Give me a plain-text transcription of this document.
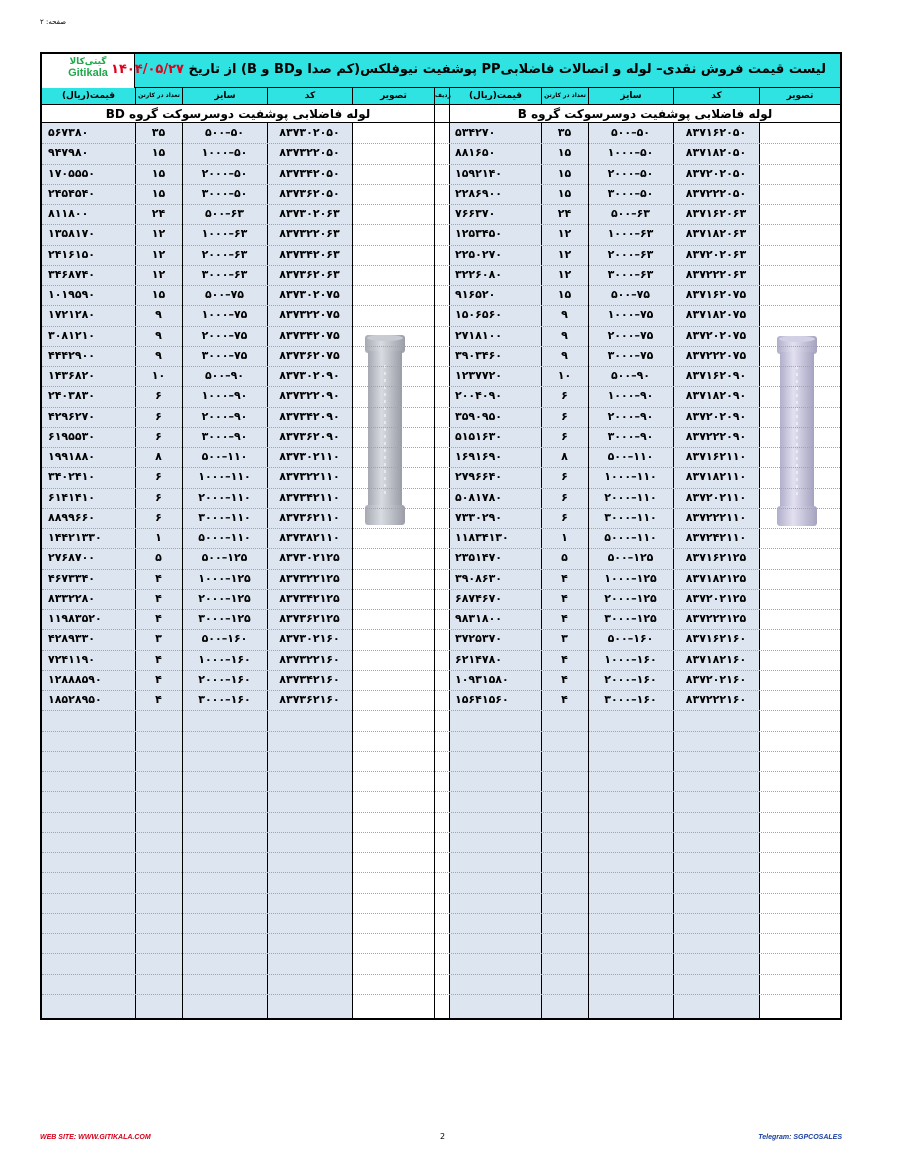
صفحه: ۲
گیتی‌کالا
Gitikala	لیست قیمت فروش نقدی– لوله و اتصالات فاضلابیPP پوشفیت نیوفلکس(کم صدا وBD و B) از تاریخ ۱۴۰۴/۰۵/۲۷
قیمت(ریال)	تعداد در کارتن	سایز	کد	تصویر	ردیف	قیمت(ریال)	تعداد در کارتن	سایز	کد	تصویر
لوله فاضلابی پوشفیت دوسرسوکت گروه BD	لوله فاضلابی پوشفیت دوسرسوکت گروه B
۵۶۷۳۸۰	۳۵	۵۰۰–۵۰	۸۳۷۳۰۲۰۵۰
۹۴۷۹۸۰	۱۵	۱۰۰۰–۵۰	۸۳۷۳۲۲۰۵۰
۱۷۰۵۵۵۰	۱۵	۲۰۰۰–۵۰	۸۳۷۳۴۲۰۵۰
۲۴۵۴۵۴۰	۱۵	۳۰۰۰–۵۰	۸۳۷۳۶۲۰۵۰
۸۱۱۸۰۰	۲۴	۵۰۰–۶۳	۸۳۷۳۰۲۰۶۳
۱۳۵۸۱۷۰	۱۲	۱۰۰۰–۶۳	۸۳۷۳۲۲۰۶۳
۲۴۱۶۱۵۰	۱۲	۲۰۰۰–۶۳	۸۳۷۳۴۲۰۶۳
۳۴۶۸۷۴۰	۱۲	۳۰۰۰–۶۳	۸۳۷۳۶۲۰۶۳
۱۰۱۹۵۹۰	۱۵	۵۰۰–۷۵	۸۳۷۳۰۲۰۷۵
۱۷۲۱۲۸۰	۹	۱۰۰۰–۷۵	۸۳۷۳۲۲۰۷۵
۳۰۸۱۲۱۰	۹	۲۰۰۰–۷۵	۸۳۷۳۴۲۰۷۵
۴۴۴۲۹۰۰	۹	۳۰۰۰–۷۵	۸۳۷۳۶۲۰۷۵
۱۴۳۶۸۲۰	۱۰	۵۰۰–۹۰	۸۳۷۳۰۲۰۹۰
۲۴۰۳۸۳۰	۶	۱۰۰۰–۹۰	۸۳۷۳۲۲۰۹۰
۴۲۹۶۲۷۰	۶	۲۰۰۰–۹۰	۸۳۷۳۴۲۰۹۰
۶۱۹۵۵۳۰	۶	۳۰۰۰–۹۰	۸۳۷۳۶۲۰۹۰
۱۹۹۱۸۸۰	۸	۵۰۰–۱۱۰	۸۳۷۳۰۲۱۱۰
۳۴۰۲۴۱۰	۶	۱۰۰۰–۱۱۰	۸۳۷۳۲۲۱۱۰
۶۱۴۱۴۱۰	۶	۲۰۰۰–۱۱۰	۸۳۷۳۴۲۱۱۰
۸۸۹۹۶۶۰	۶	۳۰۰۰–۱۱۰	۸۳۷۳۶۲۱۱۰
۱۴۴۲۱۳۳۰	۱	۵۰۰۰–۱۱۰	۸۳۷۳۸۲۱۱۰
۲۷۶۸۷۰۰	۵	۵۰۰–۱۲۵	۸۳۷۳۰۲۱۲۵
۴۶۷۳۳۴۰	۴	۱۰۰۰–۱۲۵	۸۳۷۳۲۲۱۲۵
۸۳۳۲۲۸۰	۴	۲۰۰۰–۱۲۵	۸۳۷۳۴۲۱۲۵
۱۱۹۸۳۵۲۰	۴	۳۰۰۰–۱۲۵	۸۳۷۳۶۲۱۲۵
۴۲۸۹۳۳۰	۳	۵۰۰–۱۶۰	۸۳۷۳۰۲۱۶۰
۷۲۴۱۱۹۰	۴	۱۰۰۰–۱۶۰	۸۳۷۳۲۲۱۶۰
۱۲۸۸۸۵۹۰	۴	۲۰۰۰–۱۶۰	۸۳۷۳۴۲۱۶۰
۱۸۵۲۸۹۵۰	۴	۳۰۰۰–۱۶۰	۸۳۷۳۶۲۱۶۰
۵۳۴۲۷۰	۳۵	۵۰۰–۵۰	۸۳۷۱۶۲۰۵۰
۸۸۱۶۵۰	۱۵	۱۰۰۰–۵۰	۸۳۷۱۸۲۰۵۰
۱۵۹۲۱۴۰	۱۵	۲۰۰۰–۵۰	۸۳۷۲۰۲۰۵۰
۲۲۸۶۹۰۰	۱۵	۳۰۰۰–۵۰	۸۳۷۲۲۲۰۵۰
۷۶۶۳۷۰	۲۴	۵۰۰–۶۳	۸۳۷۱۶۲۰۶۳
۱۲۵۳۴۵۰	۱۲	۱۰۰۰–۶۳	۸۳۷۱۸۲۰۶۳
۲۲۵۰۲۷۰	۱۲	۲۰۰۰–۶۳	۸۳۷۲۰۲۰۶۳
۳۲۲۶۰۸۰	۱۲	۳۰۰۰–۶۳	۸۳۷۲۲۲۰۶۳
۹۱۶۵۲۰	۱۵	۵۰۰–۷۵	۸۳۷۱۶۲۰۷۵
۱۵۰۶۵۶۰	۹	۱۰۰۰–۷۵	۸۳۷۱۸۲۰۷۵
۲۷۱۸۱۰۰	۹	۲۰۰۰–۷۵	۸۳۷۲۰۲۰۷۵
۳۹۰۳۴۶۰	۹	۳۰۰۰–۷۵	۸۳۷۲۲۲۰۷۵
۱۲۳۷۷۲۰	۱۰	۵۰۰–۹۰	۸۳۷۱۶۲۰۹۰
۲۰۰۴۰۹۰	۶	۱۰۰۰–۹۰	۸۳۷۱۸۲۰۹۰
۳۵۹۰۹۵۰	۶	۲۰۰۰–۹۰	۸۳۷۲۰۲۰۹۰
۵۱۵۱۶۳۰	۶	۳۰۰۰–۹۰	۸۳۷۲۲۲۰۹۰
۱۶۹۱۶۹۰	۸	۵۰۰–۱۱۰	۸۳۷۱۶۲۱۱۰
۲۷۹۶۶۴۰	۶	۱۰۰۰–۱۱۰	۸۳۷۱۸۲۱۱۰
۵۰۸۱۷۸۰	۶	۲۰۰۰–۱۱۰	۸۳۷۲۰۲۱۱۰
۷۳۳۰۲۹۰	۶	۳۰۰۰–۱۱۰	۸۳۷۲۲۲۱۱۰
۱۱۸۳۴۱۳۰	۱	۵۰۰۰–۱۱۰	۸۳۷۲۴۲۱۱۰
۲۳۵۱۴۷۰	۵	۵۰۰–۱۲۵	۸۳۷۱۶۲۱۲۵
۳۹۰۸۶۳۰	۴	۱۰۰۰–۱۲۵	۸۳۷۱۸۲۱۲۵
۶۸۷۴۶۷۰	۴	۲۰۰۰–۱۲۵	۸۳۷۲۰۲۱۲۵
۹۸۳۱۸۰۰	۴	۳۰۰۰–۱۲۵	۸۳۷۲۲۲۱۲۵
۳۷۲۵۳۷۰	۳	۵۰۰–۱۶۰	۸۳۷۱۶۲۱۶۰
۶۲۱۴۷۸۰	۴	۱۰۰۰–۱۶۰	۸۳۷۱۸۲۱۶۰
۱۰۹۳۱۵۸۰	۴	۲۰۰۰–۱۶۰	۸۳۷۲۰۲۱۶۰
۱۵۶۴۱۵۶۰	۴	۳۰۰۰–۱۶۰	۸۳۷۲۲۲۱۶۰
WEB SITE: WWW.GITIKALA.COM	2	Telegram: SGPCOSALES
